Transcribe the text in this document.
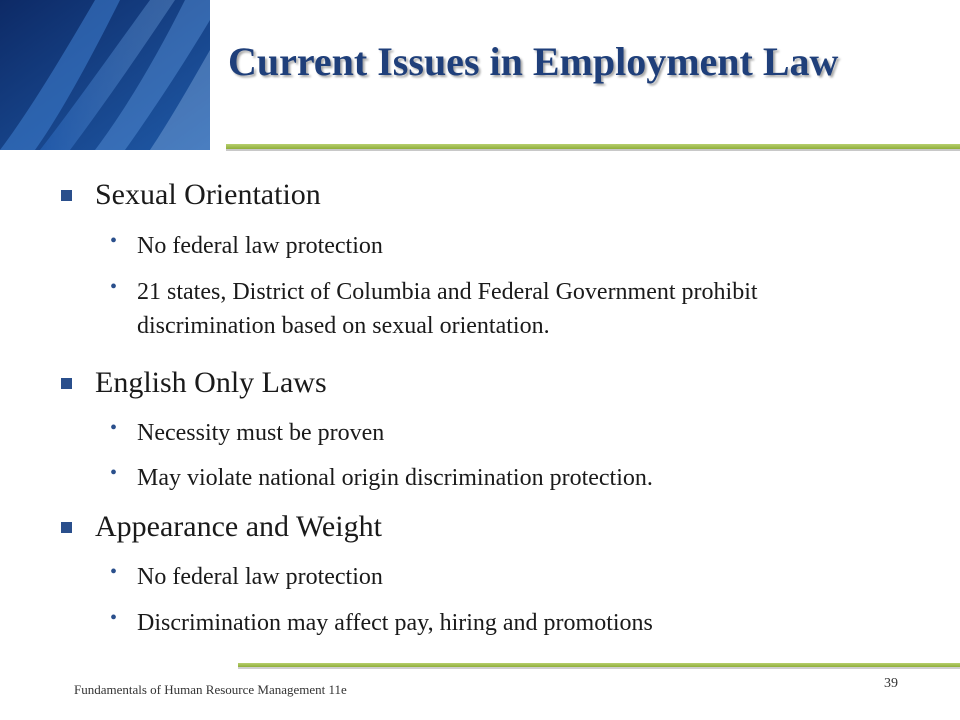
Current Issues in Employment Law
Sexual Orientation
• No federal law protection
• 21 states, District of Columbia and Federal Government prohibit discrimination based on sexual orientation.
English Only Laws
• Necessity must be proven
• May violate national origin discrimination protection.
Appearance and Weight
• No federal law protection
• Discrimination may affect pay, hiring and promotions
Fundamentals of Human Resource Management 11e	39
